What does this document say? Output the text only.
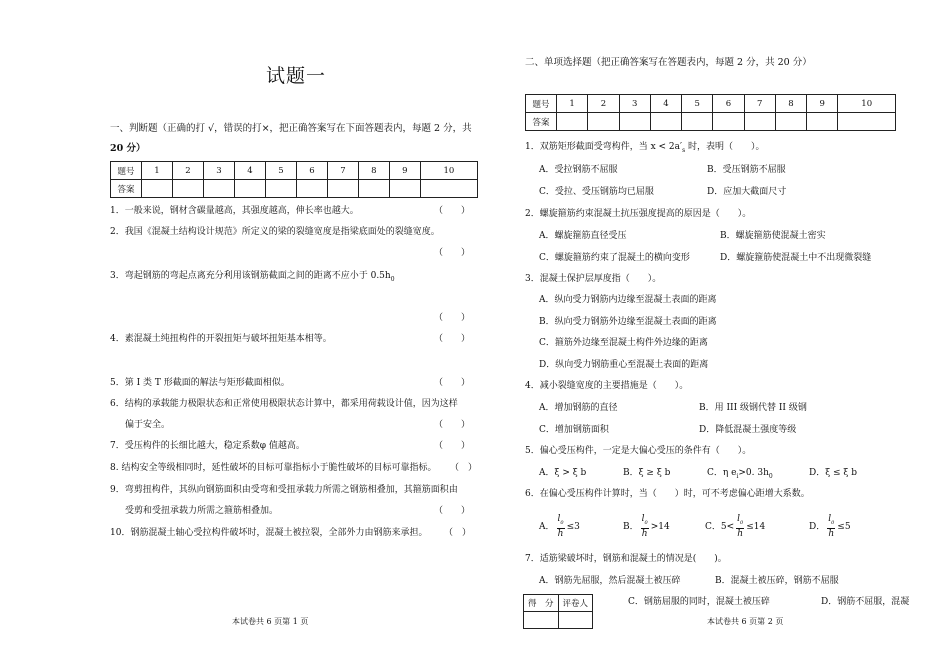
试题一
一、判断题（正确的打 √，错误的打×，把正确答案写在下面答题表内，每题 2 分，共
20 分）
题号	1	2	3	4	5	6	7	8	9	10
答案										
1．一般来说，钢材含碳量越高，其强度越高，伸长率也越大。	（　　）
2．我国《混凝土结构设计规范》所定义的梁的裂缝宽度是指梁底面处的裂缝宽度。
（　　）
3．弯起钢筋的弯起点离充分利用该钢筋截面之间的距离不应小于 $0.5h_0$
（　　）
4．素混凝土纯扭构件的开裂扭矩与破坏扭矩基本相等。	（　　）
5．第 I 类 T 形截面的解法与矩形截面相似。	（　　）
6．结构的承载能力极限状态和正常使用极限状态计算中，都采用荷载设计值，因为这样
偏于安全。	（　　）
7．受压构件的长细比越大，稳定系数φ 值越高。	（　　）
8. 结构安全等级相同时，延性破坏的目标可靠指标小于脆性破坏的目标可靠指标。 （　）
9．弯剪扭构件，其纵向钢筋面积由受弯和受扭承载力所需之钢筋相叠加，其箍筋面积由
受剪和受扭承载力所需之箍筋相叠加。	（　　）
10．钢筋混凝土轴心受拉构件破坏时，混凝土被拉裂，全部外力由钢筋来承担。 （　）
本试卷共 6 页第 1 页
二、单项选择题（把正确答案写在答题表内，每题 2 分，共 20 分）
题号	1	2	3	4	5	6	7	8	9	10
答案										
1．双筋矩形截面受弯构件，当 $x < 2a'_s$ 时，表明（　　）。
A．受拉钢筋不屈服	B．受压钢筋不屈服
C．受拉、受压钢筋均已屈服	D．应加大截面尺寸
2．螺旋箍筋约束混凝土抗压强度提高的原因是（　　）。
A．螺旋箍筋直径受压	B．螺旋箍筋使混凝土密实
C．螺旋箍筋约束了混凝土的横向变形	D．螺旋箍筋使混凝土中不出现微裂缝
3．混凝土保护层厚度指（　　）。
A．纵向受力钢筋内边缘至混凝土表面的距离
B．纵向受力钢筋外边缘至混凝土表面的距离
C．箍筋外边缘至混凝土构件外边缘的距离
D．纵向受力钢筋重心至混凝土表面的距离
4．减小裂缝宽度的主要措施是（　　）。
A．增加钢筋的直径	B．用 III 级钢代替 II 级钢
C．增加钢筋面积	D．降低混凝土强度等级
5．偏心受压构件，一定是大偏心受压的条件有（　　）。
A．ξ > ξ b	B．ξ ≥ ξ b	C．η $e_i>0$. $3h_0$	D．ξ ≤ ξ b
6．在偏心受压构件计算时，当（　　）时，可不考虑偏心距增大系数。
A． $\frac{l_0}{h} \le 3$	B． $\frac{l_0}{h} >14$	C．$5< \frac{l_0}{h} \le 14$	D． $\frac{l_0}{h} \le 5$
7．适筋梁破坏时，钢筋和混凝土的情况是(　　)。
A．钢筋先屈服，然后混凝土被压碎	B．混凝土被压碎，钢筋不屈服
得　分	评卷人
		C．钢筋屈服的同时，混凝土被压碎	D．钢筋不屈服，混凝
本试卷共 6 页第 2 页
